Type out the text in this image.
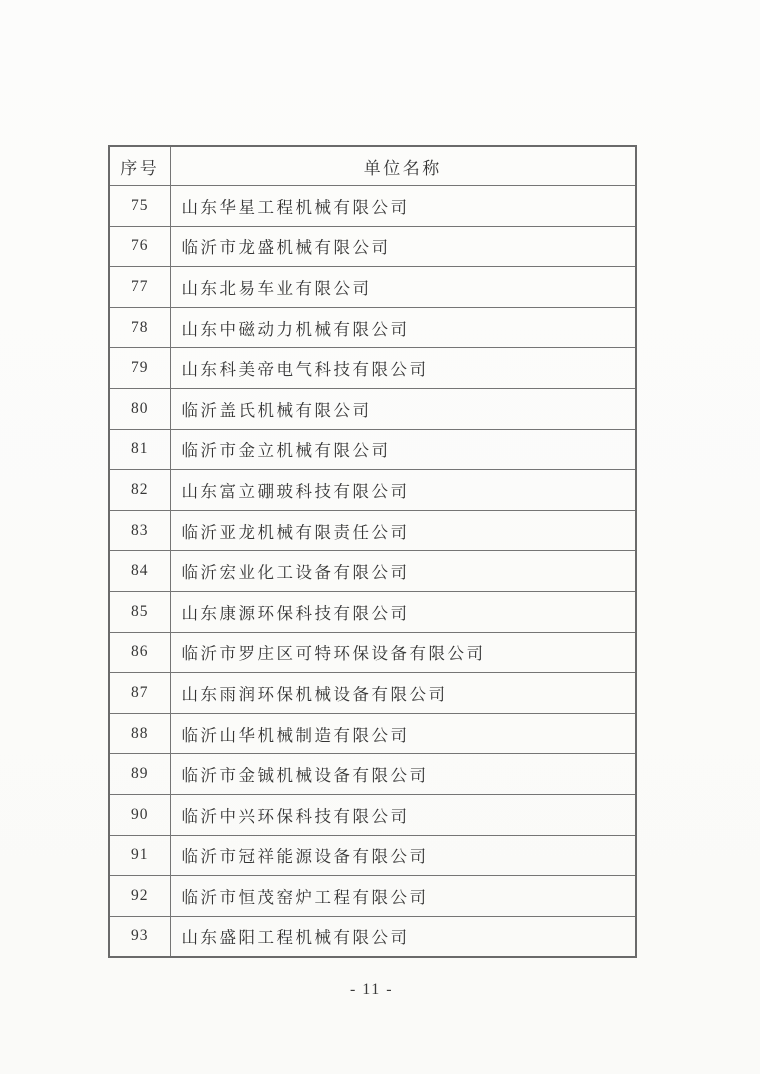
序号	单位名称
75	山东华星工程机械有限公司
76	临沂市龙盛机械有限公司
77	山东北易车业有限公司
78	山东中磁动力机械有限公司
79	山东科美帝电气科技有限公司
80	临沂盖氏机械有限公司
81	临沂市金立机械有限公司
82	山东富立硼玻科技有限公司
83	临沂亚龙机械有限责任公司
84	临沂宏业化工设备有限公司
85	山东康源环保科技有限公司
86	临沂市罗庄区可特环保设备有限公司
87	山东雨润环保机械设备有限公司
88	临沂山华机械制造有限公司
89	临沂市金铖机械设备有限公司
90	临沂中兴环保科技有限公司
91	临沂市冠祥能源设备有限公司
92	临沂市恒茂窑炉工程有限公司
93	山东盛阳工程机械有限公司
- 11 -
